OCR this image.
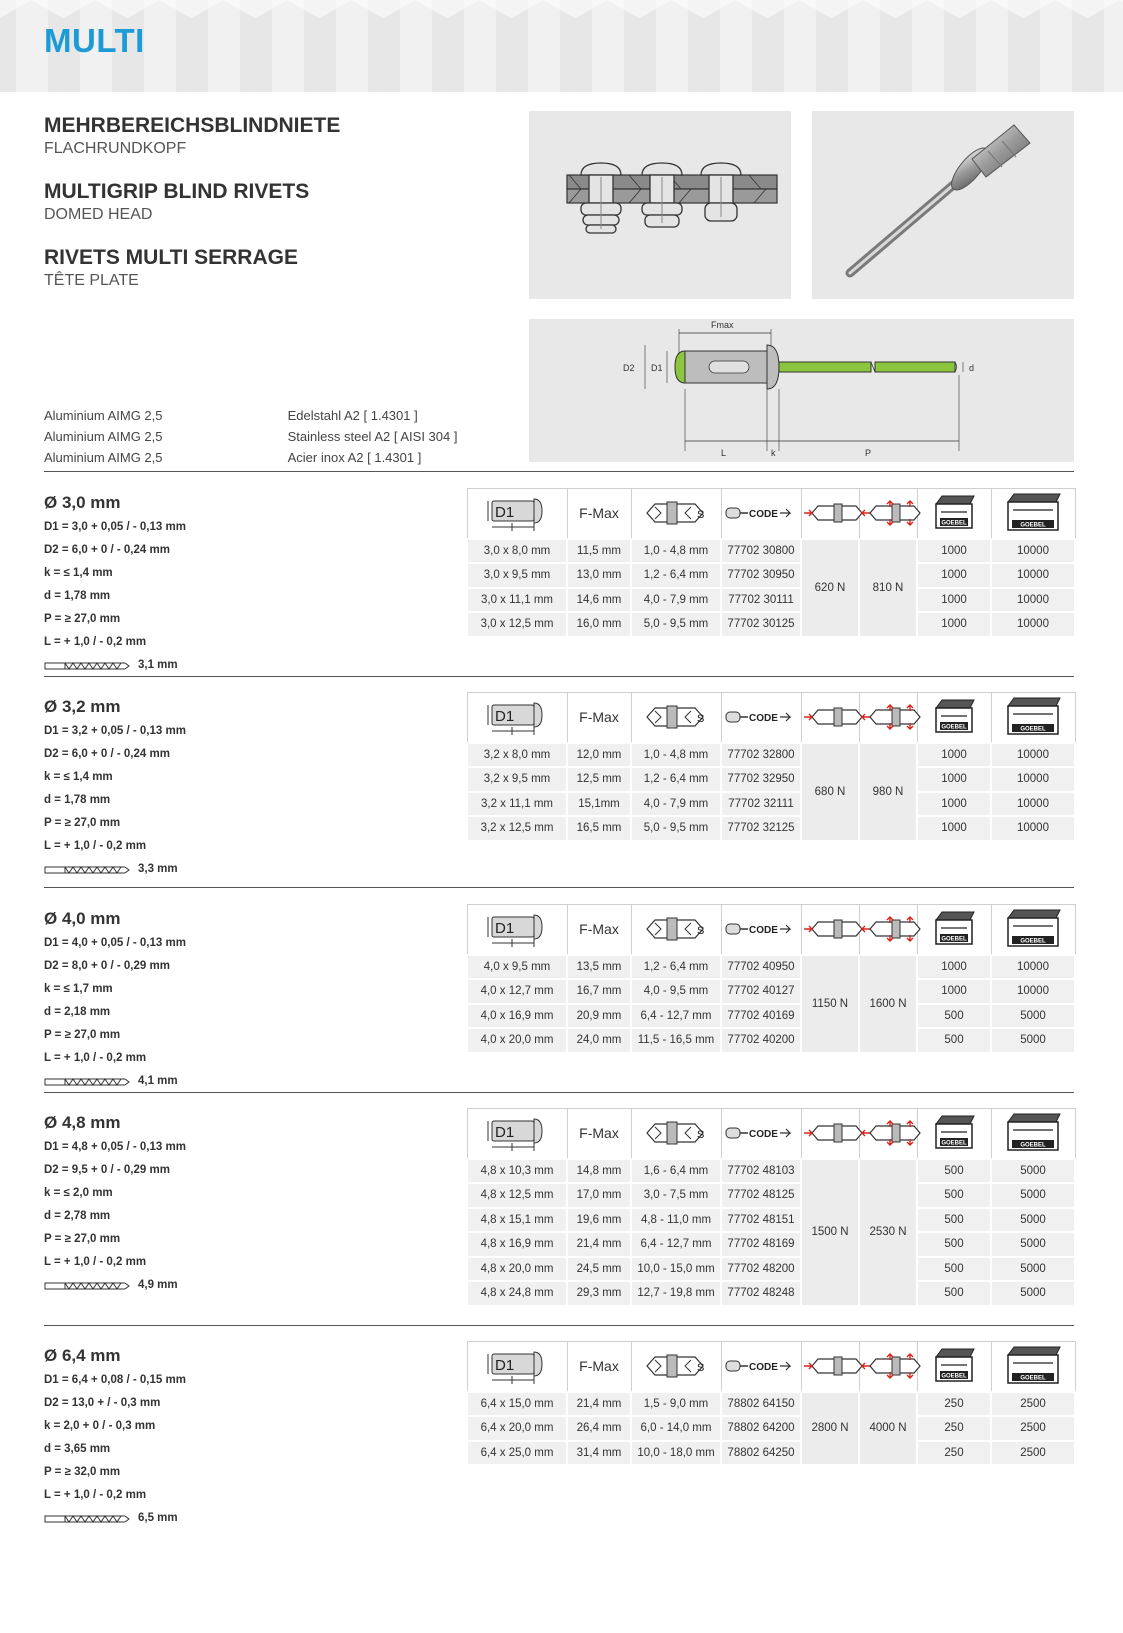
MULTI
MEHRBEREICHSBLINDNIETE
FLACHRUNDKOPF
MULTIGRIP BLIND RIVETS
DOMED HEAD
RIVETS MULTI SERRAGE
TÊTE PLATE
Fmax
D2 D1	d
L	k	P
Aluminium AIMG 2,5	Edelstahl A2 [ 1.4301 ]
Aluminium AIMG 2,5	Stainless steel A2 [ AISI 304 ]
Aluminium AIMG 2,5	Acier inox A2 [ 1.4301 ]
Ø 3,0 mm
D1 = 3,0 + 0,05 / - 0,13 mm
D2 = 6,0 + 0 / - 0,24 mm
k = ≤ 1,4 mm
d = 1,78 mm
P = ≥ 27,0 mm
L = + 1,0 / - 0,2 mm
3,1 mm
D1	F-Max	S	CODE			GOEBEL	GOEBEL

3,0 x 8,0 mm	11,5 mm	1,0 - 4,8 mm	77702 30800	620 N	810 N	1000	10000
3,0 x 9,5 mm	13,0 mm	1,2 - 6,4 mm	77702 30950			1000	10000
3,0 x 11,1 mm	14,6 mm	4,0 - 7,9 mm	77702 30111			1000	10000
3,0 x 12,5 mm	16,0 mm	5,0 - 9,5 mm	77702 30125			1000	10000
Ø 3,2 mm
D1 = 3,2 + 0,05 / - 0,13 mm
D2 = 6,0 + 0 / - 0,24 mm
k = ≤ 1,4 mm
d = 1,78 mm
P = ≥ 27,0 mm
L = + 1,0 / - 0,2 mm
3,3 mm
D1	F-Max	S	CODE			GOEBEL	GOEBEL

3,2 x 8,0 mm	12,0 mm	1,0 - 4,8 mm	77702 32800	680 N	980 N	1000	10000
3,2 x 9,5 mm	12,5 mm	1,2 - 6,4 mm	77702 32950			1000	10000
3,2 x 11,1 mm	15,1mm	4,0 - 7,9 mm	77702 32111			1000	10000
3,2 x 12,5 mm	16,5 mm	5,0 - 9,5 mm	77702 32125			1000	10000
Ø 4,0 mm
D1 = 4,0 + 0,05 / - 0,13 mm
D2 = 8,0 + 0 / - 0,29 mm
k = ≤ 1,7 mm
d = 2,18 mm
P = ≥ 27,0 mm
L = + 1,0 / - 0,2 mm
4,1 mm
D1	F-Max	S	CODE			GOEBEL	GOEBEL

4,0 x 9,5 mm	13,5 mm	1,2 - 6,4 mm	77702 40950	1150 N	1600 N	1000	10000
4,0 x 12,7 mm	16,7 mm	4,0 - 9,5 mm	77702 40127			1000	10000
4,0 x 16,9 mm	20,9 mm	6,4 - 12,7 mm	77702 40169			500	5000
4,0 x 20,0 mm	24,0 mm	11,5 - 16,5 mm	77702 40200			500	5000
Ø 4,8 mm
D1 = 4,8 + 0,05 / - 0,13 mm
D2 = 9,5 + 0 / - 0,29 mm
k = ≤ 2,0 mm
d = 2,78 mm
P = ≥ 27,0 mm
L = + 1,0 / - 0,2 mm
4,9 mm
D1	F-Max	S	CODE			GOEBEL	GOEBEL

4,8 x 10,3 mm	14,8 mm	1,6 - 6,4 mm	77702 48103	1500 N	2530 N	500	5000
4,8 x 12,5 mm	17,0 mm	3,0 - 7,5 mm	77702 48125			500	5000
4,8 x 15,1 mm	19,6 mm	4,8 - 11,0 mm	77702 48151			500	5000
4,8 x 16,9 mm	21,4 mm	6,4 - 12,7 mm	77702 48169			500	5000
4,8 x 20,0 mm	24,5 mm	10,0 - 15,0 mm	77702 48200			500	5000
4,8 x 24,8 mm	29,3 mm	12,7 - 19,8 mm	77702 48248			500	5000
Ø 6,4 mm
D1 = 6,4 + 0,08 / - 0,15 mm
D2 = 13,0 + / - 0,3 mm
k = 2,0 + 0 / - 0,3 mm
d = 3,65 mm
P = ≥ 32,0 mm
L = + 1,0 / - 0,2 mm
6,5 mm
D1	F-Max	S	CODE			GOEBEL	GOEBEL

6,4 x 15,0 mm	21,4 mm	1,5 - 9,0 mm	78802 64150	2800 N	4000 N	250	2500
6,4 x 20,0 mm	26,4 mm	6,0 - 14,0 mm	78802 64200			250	2500
6,4 x 25,0 mm	31,4 mm	10,0 - 18,0 mm	78802 64250			250	2500
